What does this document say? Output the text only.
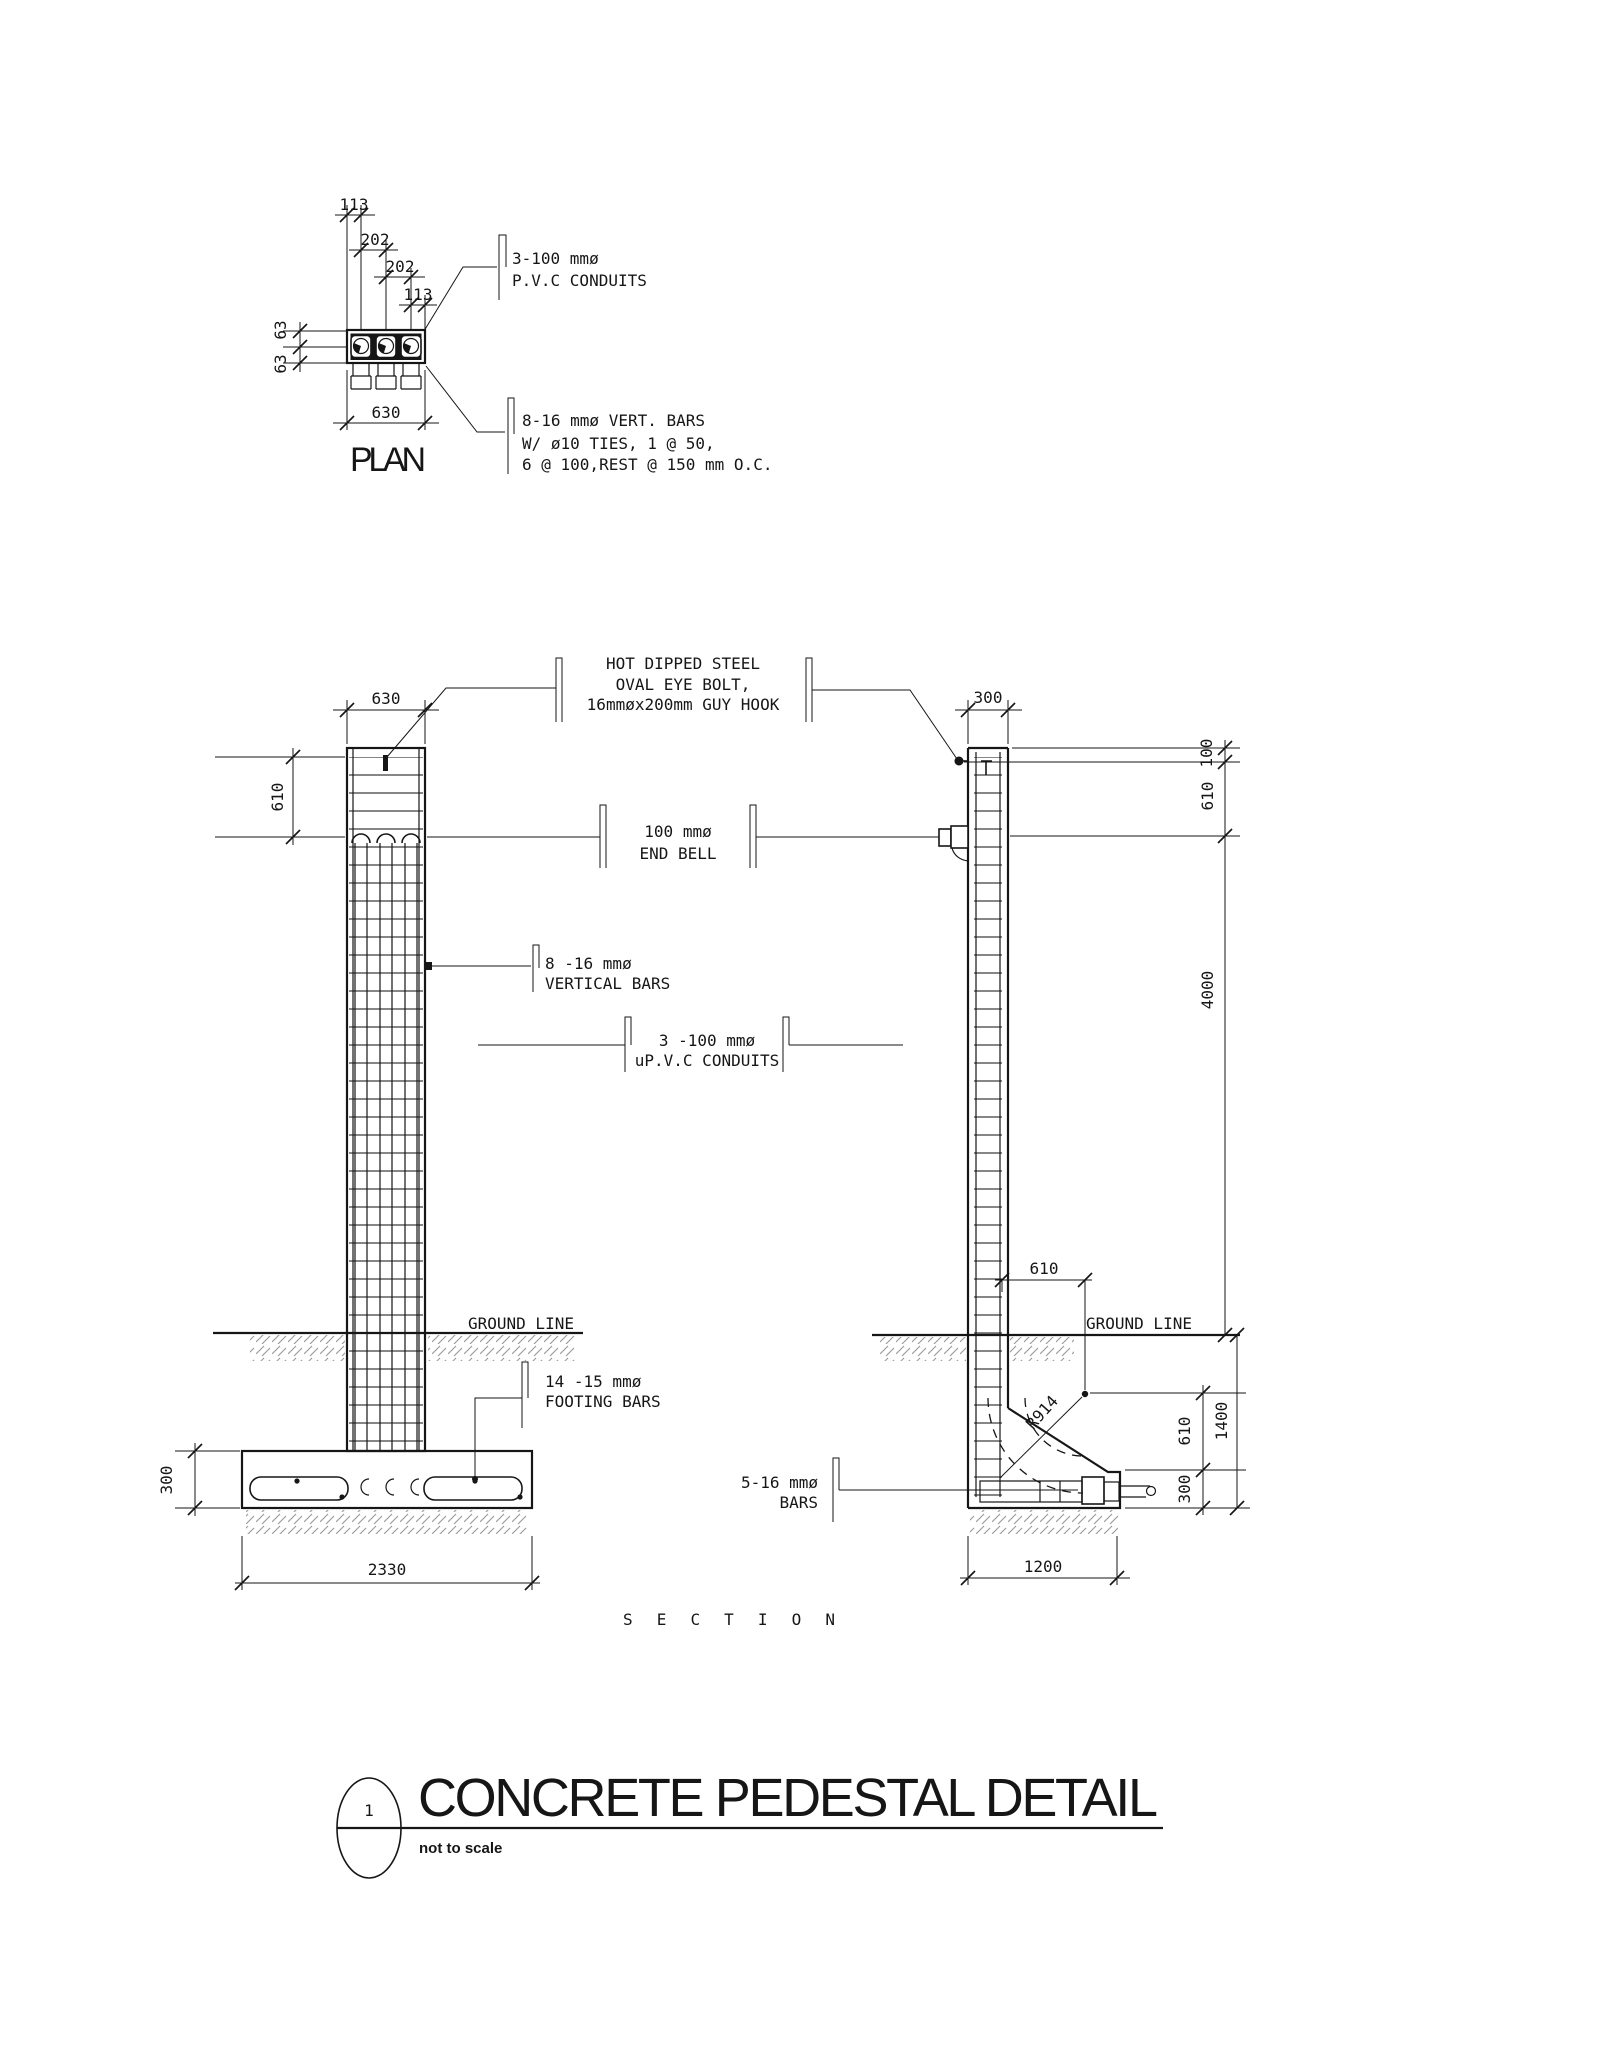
113
202
202
113
63
63
630
3-100 mmø
P.V.C CONDUITS
8-16 mmø VERT. BARS
W/ ø10 TIES, 1 @ 50,
6 @ 100,REST @ 150 mm O.C.
PLAN
630
610
HOT DIPPED STEEL
OVAL EYE BOLT,
16mmøx200mm GUY HOOK
100 mmø
END BELL
8 -16 mmø
VERTICAL BARS
3 -100 mmø
uP.V.C CONDUITS
GROUND LINE
14 -15 mmø
FOOTING BARS
300
2330
300
100
610
4000
GROUND LINE
610
R914
5-16 mmø
BARS
610
300
1400
1200
S E C T I O N
1 CONCRETE PEDESTAL DETAIL
not to scale
